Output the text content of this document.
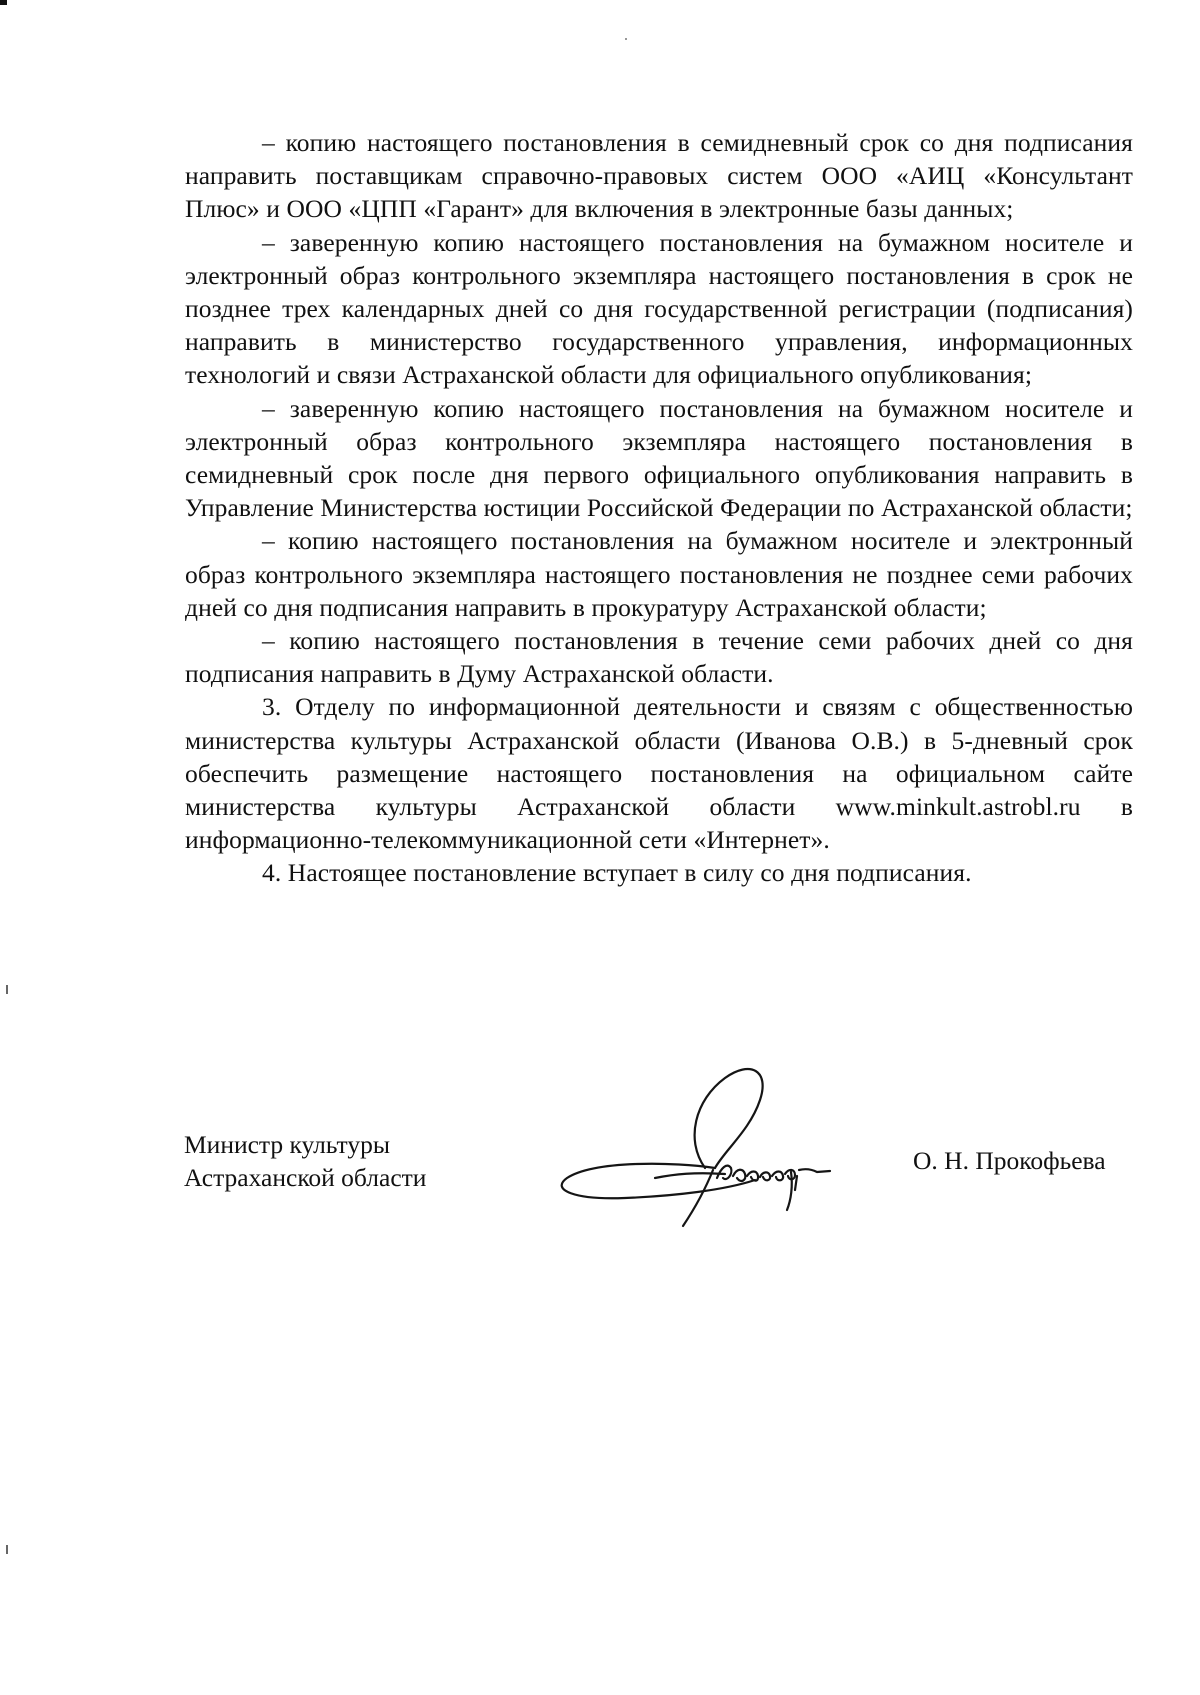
– копию настоящего постановления в семидневный срок со дня подписания направить поставщикам справочно-правовых систем ООО «АИЦ «Консультант Плюс» и ООО «ЦПП «Гарант» для включения в электронные базы данных;

– заверенную копию настоящего постановления на бумажном носителе и электронный образ контрольного экземпляра настоящего постановления в срок не позднее трех календарных дней со дня государственной регистрации (подписания) направить в министерство государственного управления, информационных технологий и связи Астраханской области для официального опубликования;

– заверенную копию настоящего постановления на бумажном носителе и электронный образ контрольного экземпляра настоящего постановления в семидневный срок после дня первого официального опубликования направить в Управление Министерства юстиции Российской Федерации по Астраханской области;

– копию настоящего постановления на бумажном носителе и электронный образ контрольного экземпляра настоящего постановления не позднее семи рабочих дней со дня подписания направить в прокуратуру Астраханской области;

– копию настоящего постановления в течение семи рабочих дней со дня подписания направить в Думу Астраханской области.

3. Отделу по информационной деятельности и связям с общественностью министерства культуры Астраханской области (Иванова О.В.) в 5-дневный срок обеспечить размещение настоящего постановления на официальном сайте министерства культуры Астраханской области www.minkult.astrobl.ru в информационно-телекоммуникационной сети «Интернет».

4. Настоящее постановление вступает в силу со дня подписания.

Министр культуры
Астраханской области
О. Н. Прокофьева
